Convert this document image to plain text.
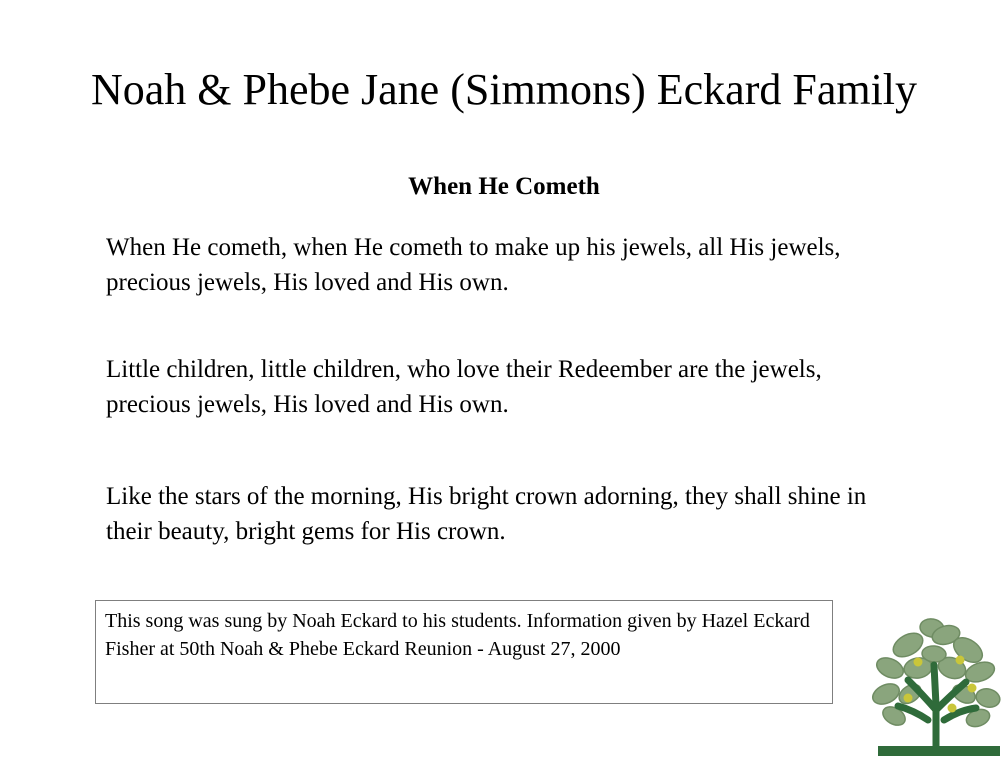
Noah & Phebe Jane (Simmons) Eckard Family
When He Cometh

When He cometh, when He cometh to make up his jewels, all His jewels, precious jewels, His loved and His own.

Little children, little children, who love their Redeember are the jewels, precious jewels, His loved and His own.

Like the stars of the morning, His bright crown adorning, they shall shine in their beauty, bright gems for His crown.

This song was sung by Noah Eckard to his students. Information given by Hazel Eckard Fisher at 50th Noah & Phebe Eckard Reunion - August 27, 2000
